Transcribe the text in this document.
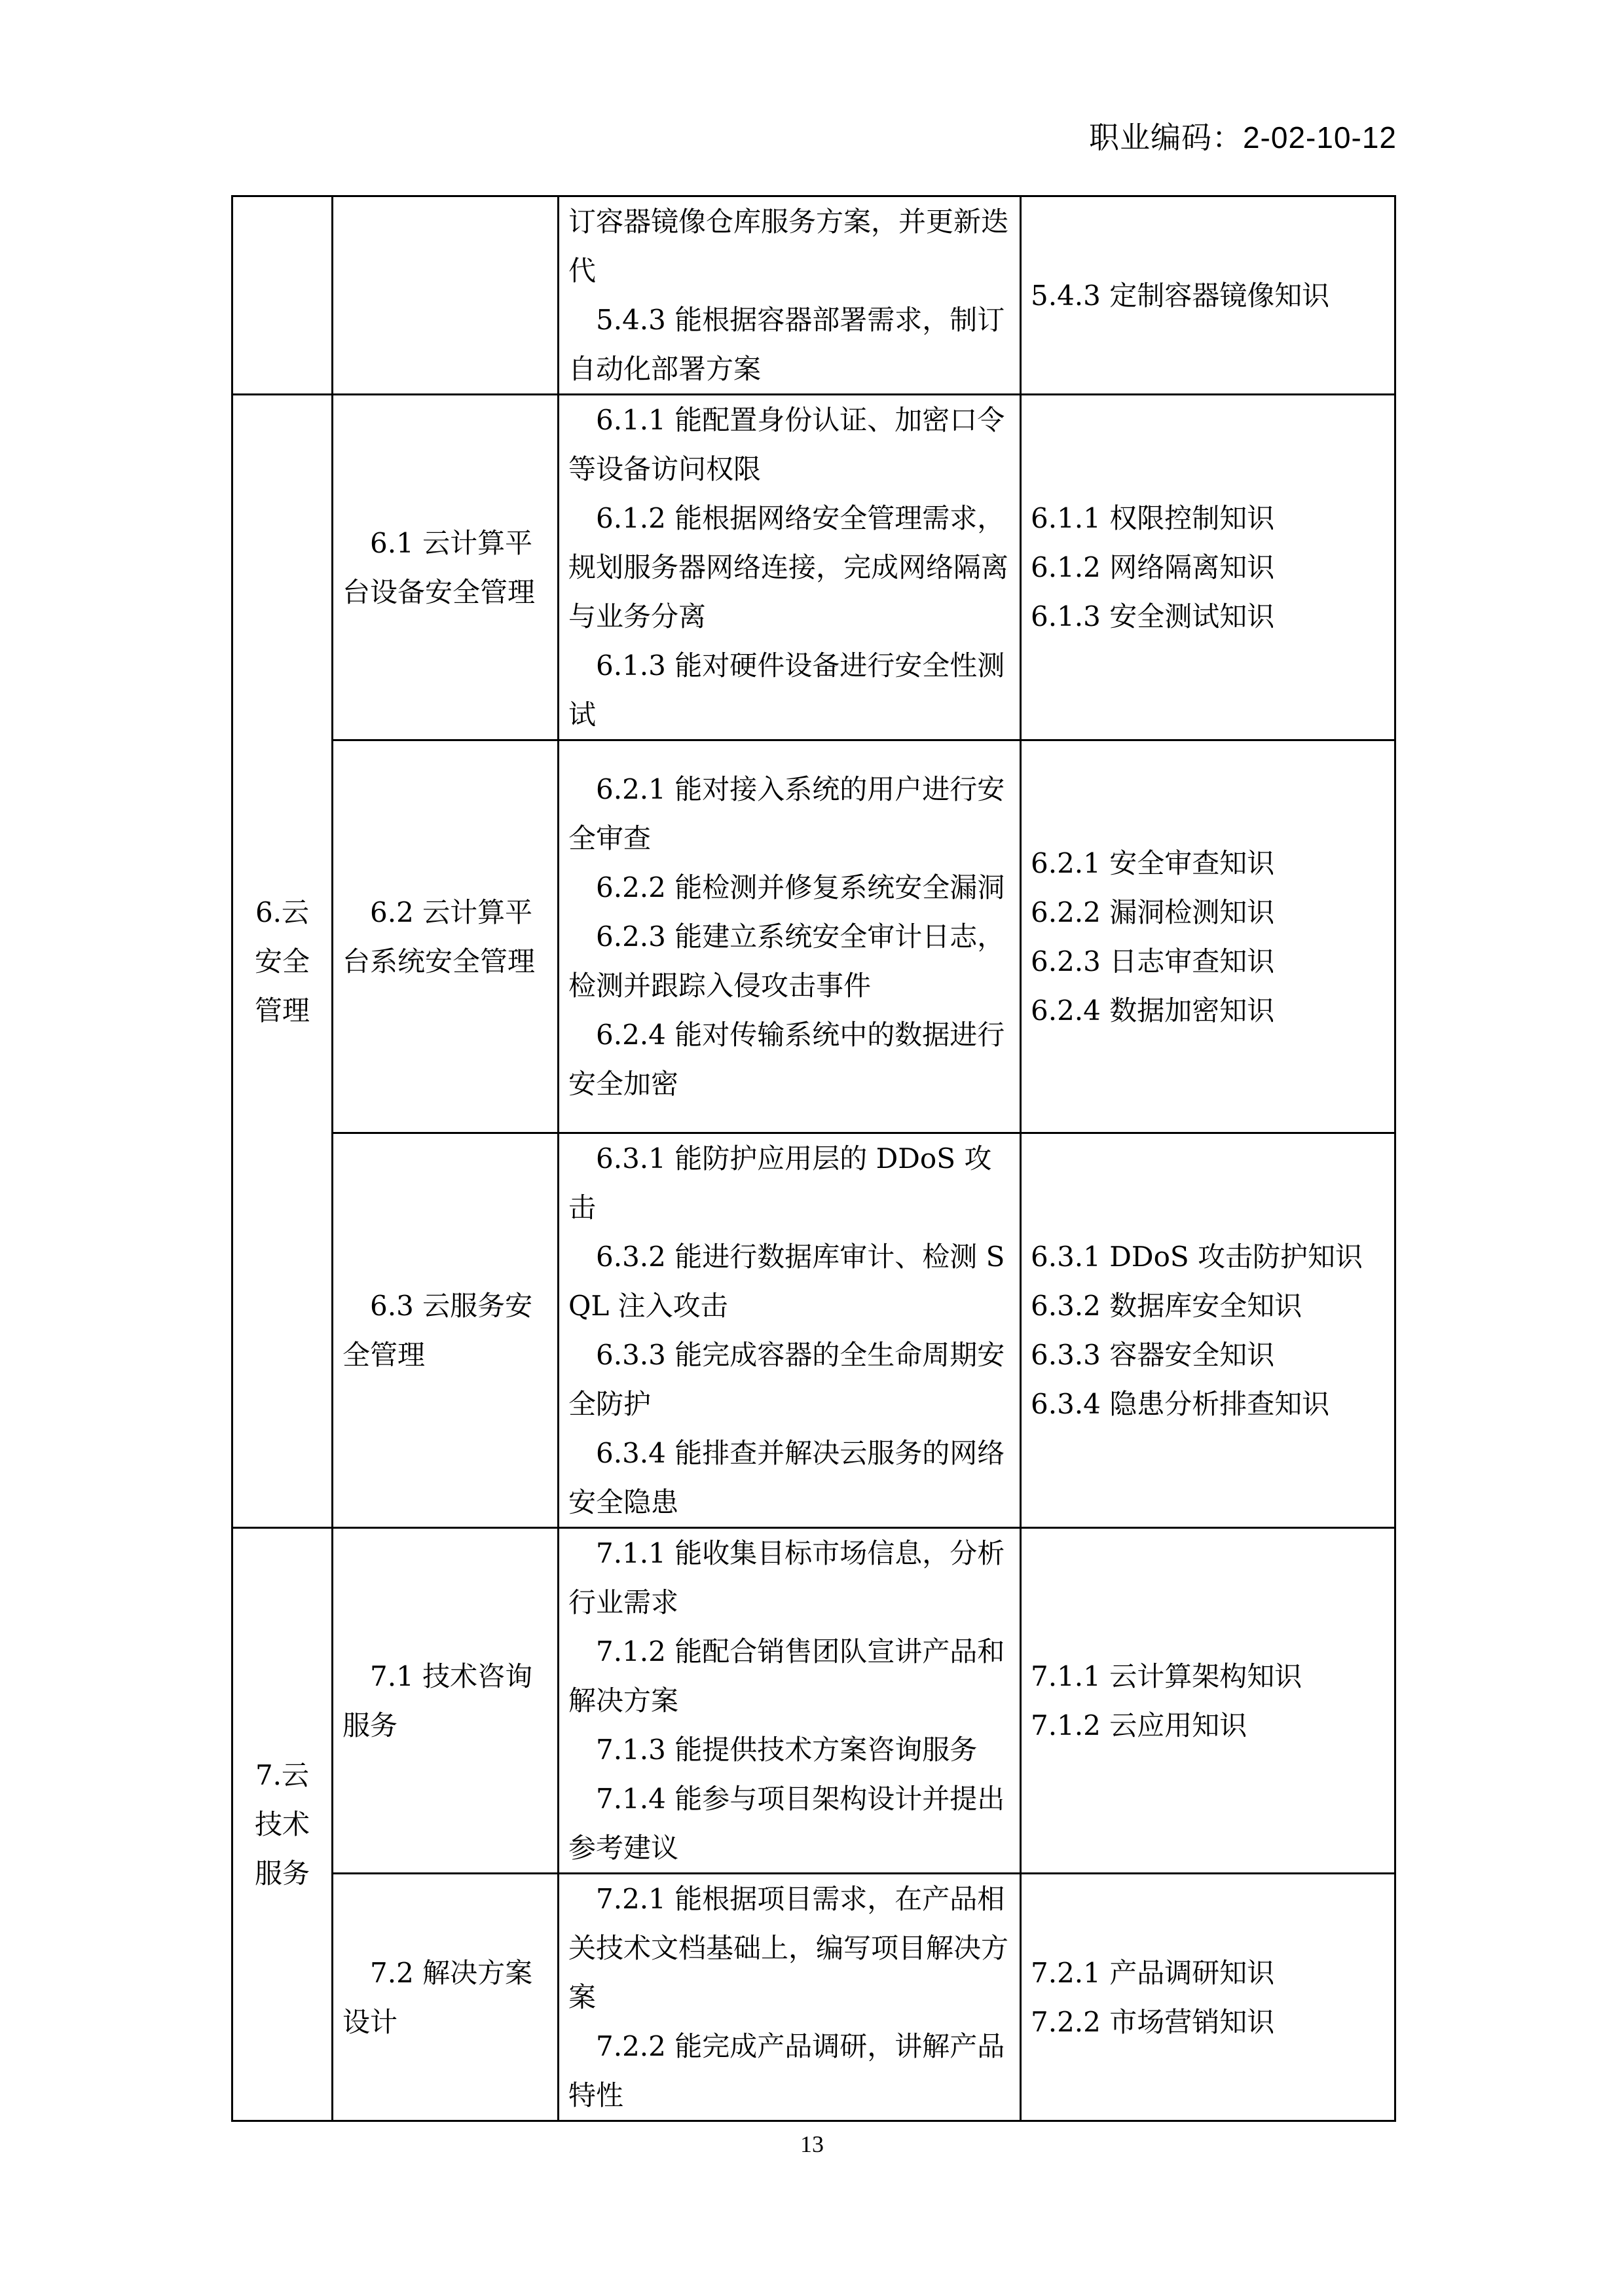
职业编码：2-02-10-12

		订容器镜像仓库服务方案，并更新迭代
5.4.3 能根据容器部署需求，制订自动化部署方案	5.4.3 定制容器镜像知识

6.云安全管理	6.1 云计算平台设备安全管理	6.1.1 能配置身份认证、加密口令等设备访问权限
6.1.2 能根据网络安全管理需求，规划服务器网络连接，完成网络隔离与业务分离
6.1.3 能对硬件设备进行安全性测试	6.1.1 权限控制知识
6.1.2 网络隔离知识
6.1.3 安全测试知识

	6.2 云计算平台系统安全管理	6.2.1 能对接入系统的用户进行安全审查
6.2.2 能检测并修复系统安全漏洞
6.2.3 能建立系统安全审计日志，检测并跟踪入侵攻击事件
6.2.4 能对传输系统中的数据进行安全加密	6.2.1 安全审查知识
6.2.2 漏洞检测知识
6.2.3 日志审查知识
6.2.4 数据加密知识

	6.3 云服务安全管理	6.3.1 能防护应用层的 DDoS 攻击
6.3.2 能进行数据库审计、检测 SQL 注入攻击
6.3.3 能完成容器的全生命周期安全防护
6.3.4 能排查并解决云服务的网络安全隐患	6.3.1 DDoS 攻击防护知识
6.3.2 数据库安全知识
6.3.3 容器安全知识
6.3.4 隐患分析排查知识

7.云技术服务	7.1 技术咨询服务	7.1.1 能收集目标市场信息，分析行业需求
7.1.2 能配合销售团队宣讲产品和解决方案
7.1.3 能提供技术方案咨询服务
7.1.4 能参与项目架构设计并提出参考建议	7.1.1 云计算架构知识
7.1.2 云应用知识

	7.2 解决方案设计	7.2.1 能根据项目需求，在产品相关技术文档基础上，编写项目解决方案
7.2.2 能完成产品调研，讲解产品特性	7.2.1 产品调研知识
7.2.2 市场营销知识
13
